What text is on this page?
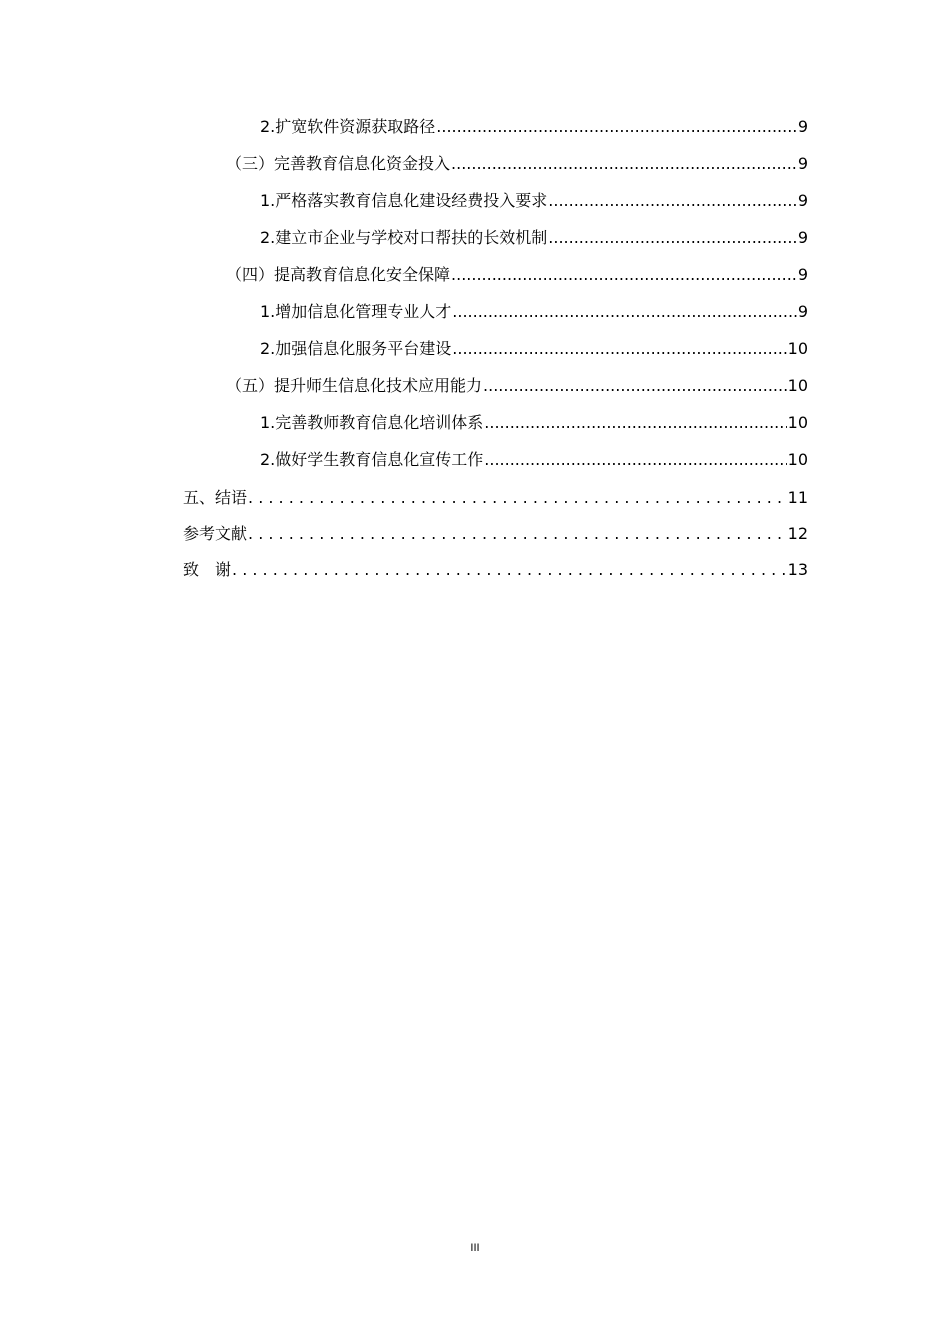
2.扩宽软件资源获取路径 .....	9
（三） 完善教育信息化资金投入 .....	9
1.严格落实教育信息化建设经费投入要求 .....	9
2.建立市企业与学校对口帮扶的长效机制 .....	9
（四） 提高教育信息化安全保障 .....	9
1.增加信息化管理专业人才 .....	9
2.加强信息化服务平台建设 .....	10
（五） 提升师生信息化技术应用能力 .....	10
1.完善教师教育信息化培训体系 .....	10
2.做好学生教育信息化宣传工作 .....	10
五、 结语 . . .	11
参考文献 . . .	12
致　谢 . . .	13
III
